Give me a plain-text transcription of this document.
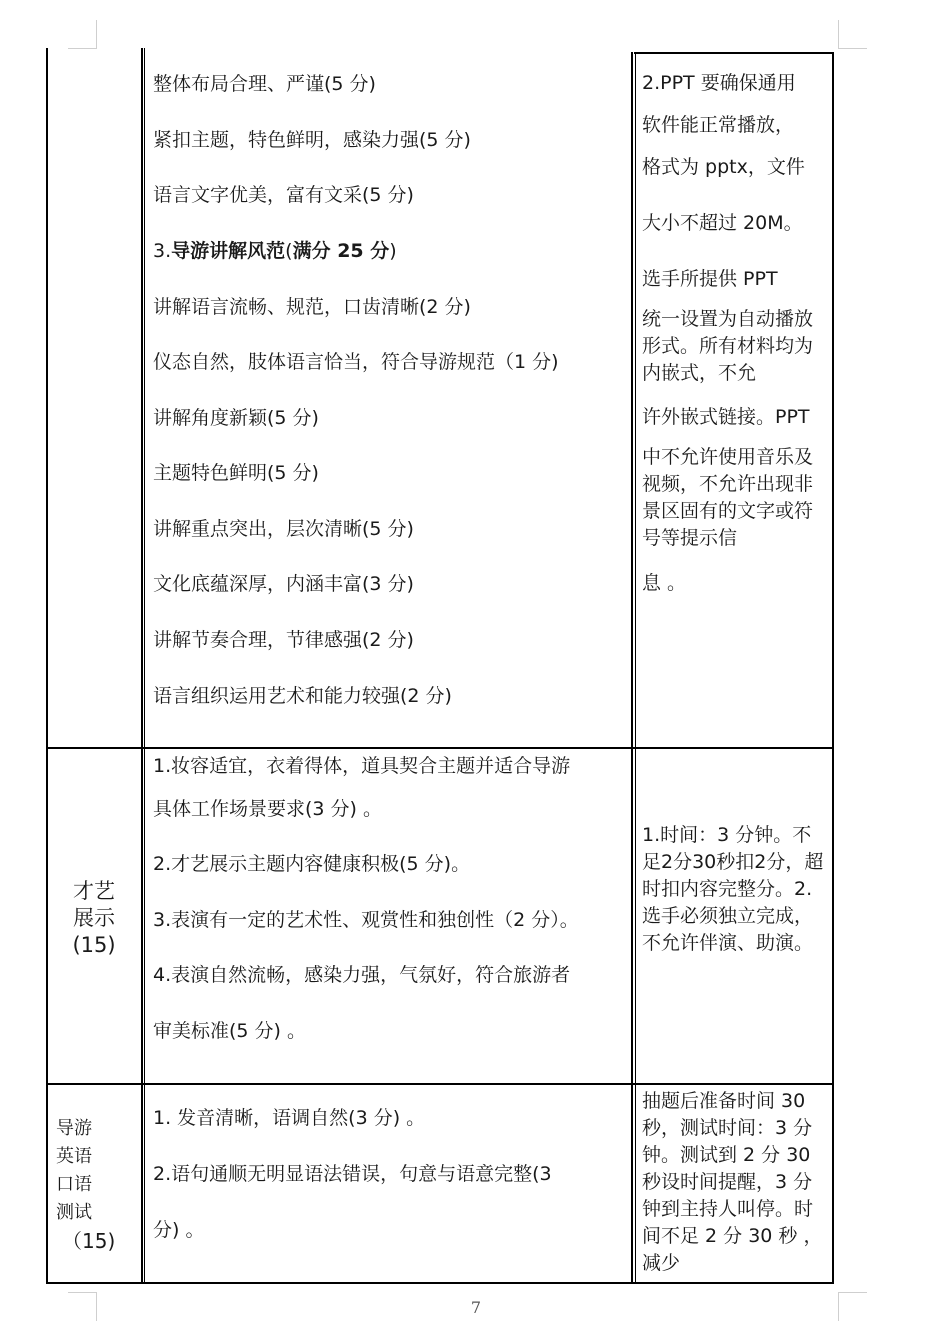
整体布局合理、严谨(5 分)
紧扣主题，特色鲜明，感染力强(5 分)
语言文字优美，富有文采(5 分)
3.导游讲解风范(满分 25 分)
讲解语言流畅、规范，口齿清晰(2 分)
仪态自然，肢体语言恰当，符合导游规范（1 分)
讲解角度新颖(5 分)
主题特色鲜明(5 分)
讲解重点突出，层次清晰(5 分)
文化底蕴深厚，内涵丰富(3 分)
讲解节奏合理，节律感强(2 分)
语言组织运用艺术和能力较强(2 分)
2.PPT 要确保通用
软件能正常播放，
格式为 pptx，文件
大小不超过 20M。
选手所提供 PPT
统一设置为自动播放形式。所有材料均为内嵌式，不允
许外嵌式链接。PPT
中不允许使用音乐及视频，不允许出现非景区固有的文字或符号等提示信
息 。
才艺
展示
(15)
1.妆容适宜，衣着得体，道具契合主题并适合导游
具体工作场景要求(3 分) 。
2.才艺展示主题内容健康积极(5 分)。
3.表演有一定的艺术性、观赏性和独创性（2 分）。
4.表演自然流畅，感染力强，气氛好，符合旅游者
审美标准(5 分) 。
1.时间：3 分钟。不足2分30秒扣2分，超时扣内容完整分。2.选手必须独立完成，不允许伴演、助演。
导游
英语
口语
测试
（15)
1. 发音清晰，语调自然(3 分) 。
2.语句通顺无明显语法错误，句意与语意完整(3
分) 。
抽题后准备时间 30 秒，测试时间：3 分钟。测试到 2 分 30 秒设时间提醒，3 分钟到主持人叫停。时 间不足 2 分 30 秒 ，减少
7
